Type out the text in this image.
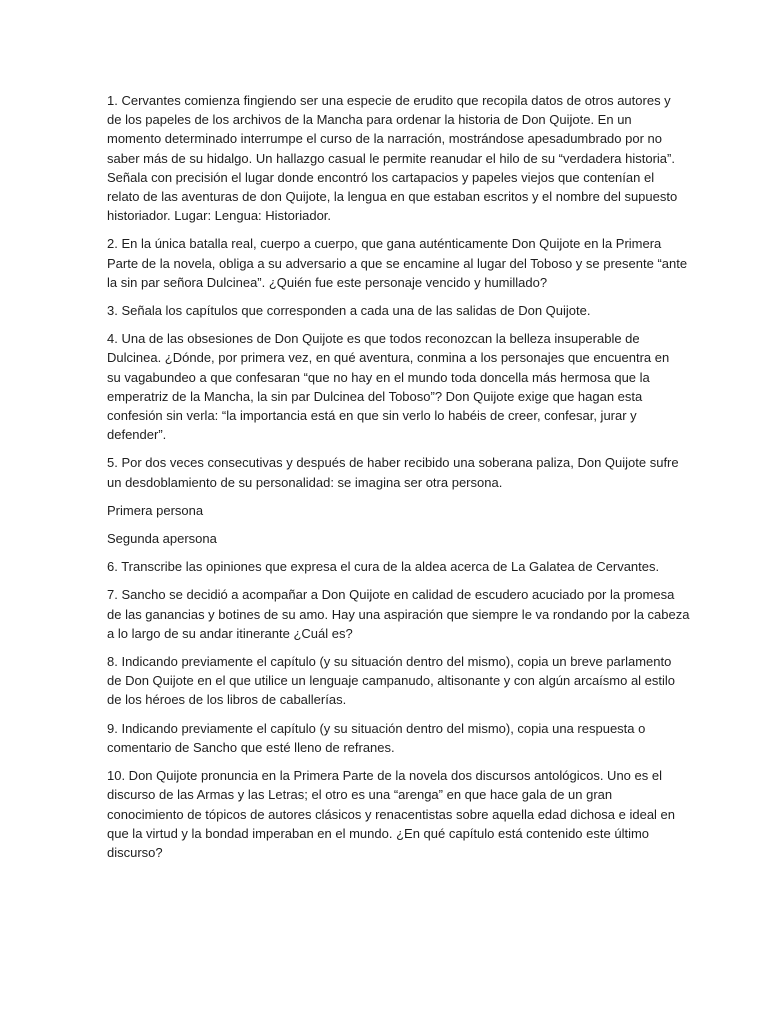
1. Cervantes comienza fingiendo ser una especie de erudito que recopila datos de otros autores y
de los papeles de los archivos de la Mancha para ordenar la historia de Don Quijote. En un
momento determinado interrumpe el curso de la narración, mostrándose apesadumbrado por no
saber más de su hidalgo. Un hallazgo casual le permite reanudar el hilo de su “verdadera historia”.
Señala con precisión el lugar donde encontró los cartapacios y papeles viejos que contenían el
relato de las aventuras de don Quijote, la lengua en que estaban escritos y el nombre del supuesto
historiador. Lugar: Lengua: Historiador.
2. En la única batalla real, cuerpo a cuerpo, que gana auténticamente Don Quijote en la Primera
Parte de la novela, obliga a su adversario a que se encamine al lugar del Toboso y se presente “ante
la sin par señora Dulcinea”. ¿Quién fue este personaje vencido y humillado?
3. Señala los capítulos que corresponden a cada una de las salidas de Don Quijote.
4. Una de las obsesiones de Don Quijote es que todos reconozcan la belleza insuperable de
Dulcinea. ¿Dónde, por primera vez, en qué aventura, conmina a los personajes que encuentra en
su vagabundeo a que confesaran “que no hay en el mundo toda doncella más hermosa que la
emperatriz de la Mancha, la sin par Dulcinea del Toboso”? Don Quijote exige que hagan esta
confesión sin verla: “la importancia está en que sin verlo lo habéis de creer, confesar, jurar y
defender”.
5. Por dos veces consecutivas y después de haber recibido una soberana paliza, Don Quijote sufre
un desdoblamiento de su personalidad: se imagina ser otra persona.
Primera persona
Segunda apersona
6. Transcribe las opiniones que expresa el cura de la aldea acerca de La Galatea de Cervantes.
7. Sancho se decidió a acompañar a Don Quijote en calidad de escudero acuciado por la promesa
de las ganancias y botines de su amo. Hay una aspiración que siempre le va rondando por la cabeza
a lo largo de su andar itinerante ¿Cuál es?
8. Indicando previamente el capítulo (y su situación dentro del mismo), copia un breve parlamento
de Don Quijote en el que utilice un lenguaje campanudo, altisonante y con algún arcaísmo al estilo
de los héroes de los libros de caballerías.
9. Indicando previamente el capítulo (y su situación dentro del mismo), copia una respuesta o
comentario de Sancho que esté lleno de refranes.
10. Don Quijote pronuncia en la Primera Parte de la novela dos discursos antológicos. Uno es el
discurso de las Armas y las Letras; el otro es una “arenga” en que hace gala de un gran
conocimiento de tópicos de autores clásicos y renacentistas sobre aquella edad dichosa e ideal en
que la virtud y la bondad imperaban en el mundo. ¿En qué capítulo está contenido este último
discurso?
